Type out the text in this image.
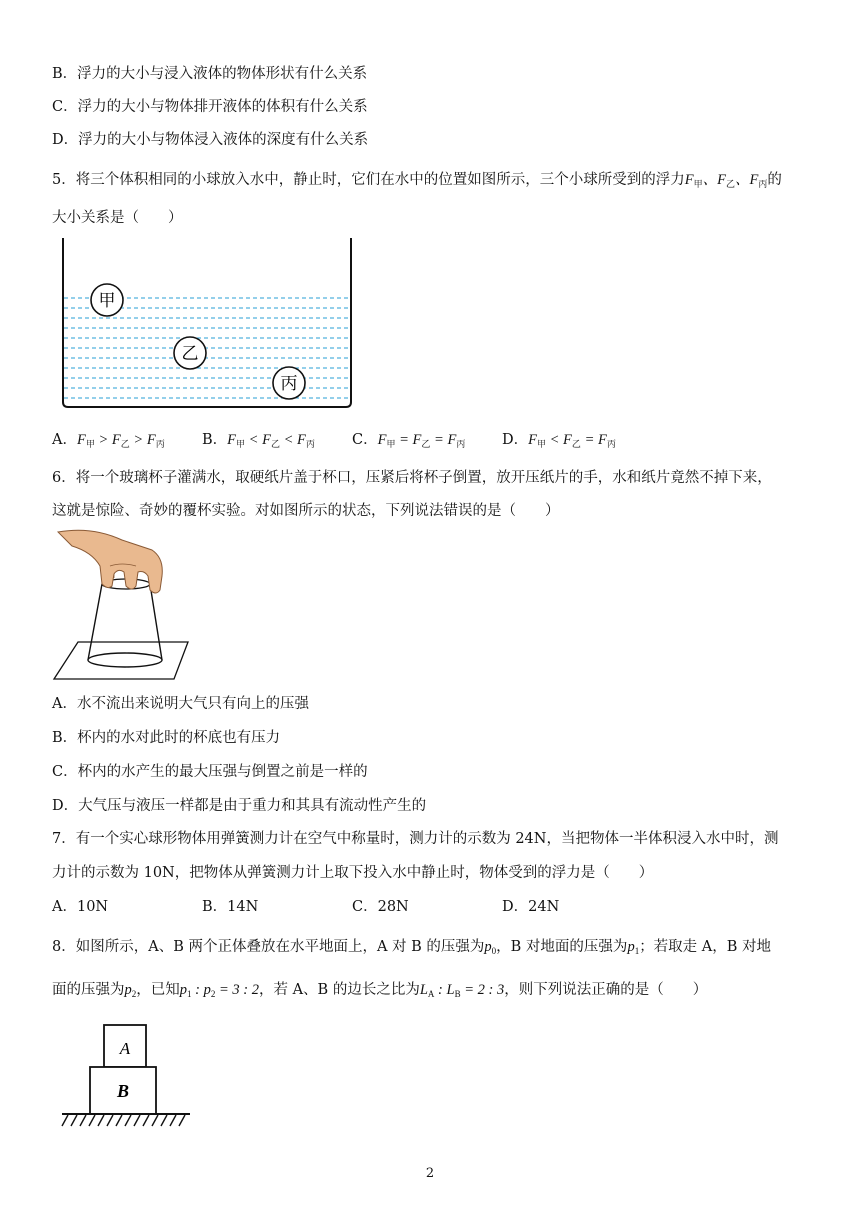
B．浮力的大小与浸入液体的物体形状有什么关系
C．浮力的大小与物体排开液体的体积有什么关系
D．浮力的大小与物体浸入液体的深度有什么关系
5．将三个体积相同的小球放入水中，静止时，它们在水中的位置如图所示，三个小球所受到的浮力$F_甲$、$F_乙$、$F_丙$的
大小关系是（　　）
甲
乙
丙
A．$F_甲 > F_乙 > F_丙$	B．$F_甲 < F_乙 < F_丙$	C．$F_甲 = F_乙 = F_丙$	D．$F_甲 < F_乙 = F_丙$
6．将一个玻璃杯子灌满水，取硬纸片盖于杯口，压紧后将杯子倒置，放开压纸片的手，水和纸片竟然不掉下来，
这就是惊险、奇妙的覆杯实验。对如图所示的状态，下列说法错误的是（　　）
A．水不流出来说明大气只有向上的压强
B．杯内的水对此时的杯底也有压力
C．杯内的水产生的最大压强与倒置之前是一样的
D．大气压与液压一样都是由于重力和其具有流动性产生的
7．有一个实心球形物体用弹簧测力计在空气中称量时，测力计的示数为 24N，当把物体一半体积浸入水中时，测
力计的示数为 10N，把物体从弹簧测力计上取下投入水中静止时，物体受到的浮力是（　　）
A．10N	B．14N	C．28N	D．24N
8．如图所示，A、B 两个正体叠放在水平地面上，A 对 B 的压强为$p_0$，B 对地面的压强为$p_1$；若取走 A，B 对地
面的压强为$p_2$，已知$p_1$ : $p_2 = 3$ : 2，若 A、B 的边长之比为$L_A$ : $L_B = 2$ : 3，则下列说法正确的是（　　）
A
B
2
